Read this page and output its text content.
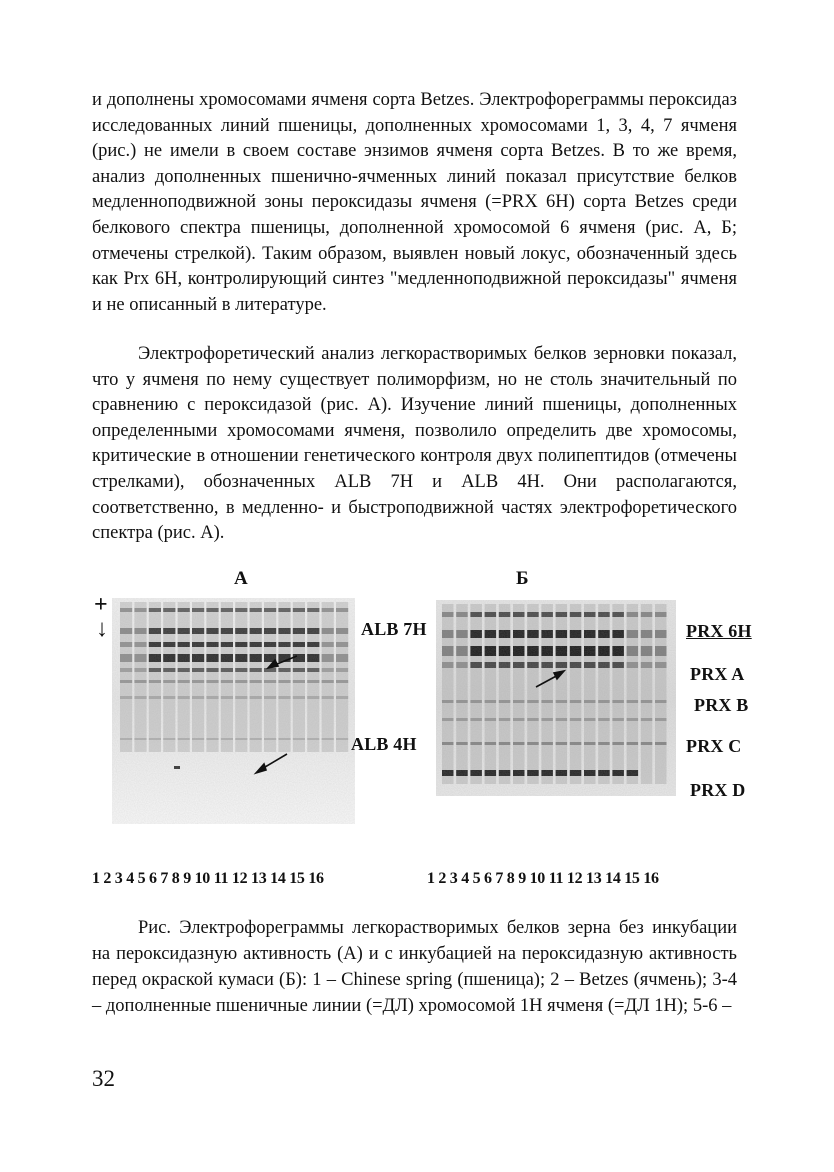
и дополнены хромосомами ячменя сорта Betzes. Электрофореграммы пероксидаз исследованных линий пшеницы, дополненных хромосомами 1, 3, 4, 7 ячменя (рис.) не имели в своем составе энзимов ячменя сорта Betzes. В то же время, анализ дополненных пшенично-ячменных линий показал присутствие белков медленноподвижной зоны пероксидазы ячменя (=PRX 6H) сорта Betzes среди белкового спектра пшеницы, дополненной хромосомой 6 ячменя (рис. А, Б; отмечены стрелкой). Таким образом, выявлен новый локус, обозначенный здесь как Prx 6H, контролирующий синтез "медленноподвижной пероксидазы" ячменя и не описанный в литературе.

Электрофоретический анализ легкорастворимых белков зерновки показал, что у ячменя по нему существует полиморфизм, но не столь значительный по сравнению с пероксидазой (рис. А). Изучение линий пшеницы, дополненных определенными хромосомами ячменя, позволило определить две хромосомы, критические в отношении генетического контроля двух полипептидов (отмечены стрелками), обозначенных ALB 7H и ALB 4H. Они располагаются, соответственно, в медленно- и быстроподвижной частях электрофоретического спектра (рис. А).

А	Б
+
↓	ALB 7H
ALB 4H
PRX 6H
PRX A
PRX B
PRX C
PRX D
1 2 3 4 5 6 7 8 9 10 11 12 13 14 15 16	1 2 3 4 5 6 7 8 9 10 11 12 13 14 15 16

Рис. Электрофореграммы легкорастворимых белков зерна без инкубации на пероксидазную активность (А) и с инкубацией на пероксидазную активность перед окраской кумаси (Б): 1 – Chinese spring (пшеница); 2 – Betzes (ячмень); 3-4 – дополненные пшеничные линии (=ДЛ) хромосомой 1Н ячменя (=ДЛ 1Н); 5-6 –

32
